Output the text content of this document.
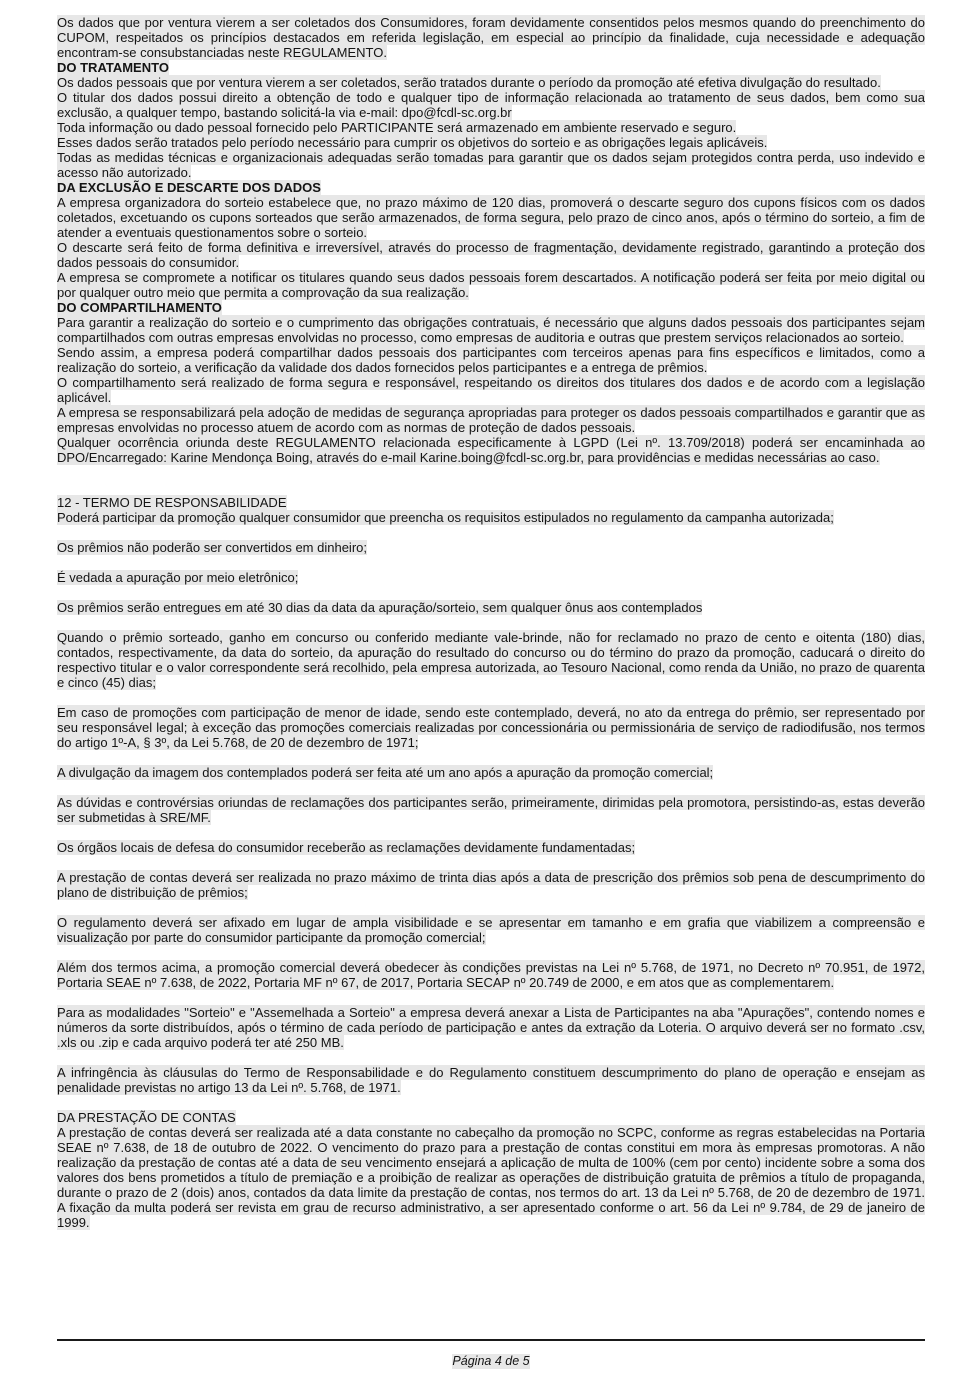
Os dados que por ventura vierem a ser coletados dos Consumidores, foram devidamente consentidos pelos mesmos quando do preenchimento do CUPOM, respeitados os princípios destacados em referida legislação, em especial ao princípio da finalidade, cuja necessidade e adequação encontram-se consubstanciadas neste REGULAMENTO.

DO TRATAMENTO

Os dados pessoais que por ventura vierem a ser coletados, serão tratados durante o período da promoção até efetiva divulgação do resultado.

O titular dos dados possui direito a obtenção de todo e qualquer tipo de informação relacionada ao tratamento de seus dados, bem como sua exclusão, a qualquer tempo, bastando solicitá-la via e-mail: dpo@fcdl-sc.org.br

Toda informação ou dado pessoal fornecido pelo PARTICIPANTE será armazenado em ambiente reservado e seguro.

Esses dados serão tratados pelo período necessário para cumprir os objetivos do sorteio e as obrigações legais aplicáveis.

Todas as medidas técnicas e organizacionais adequadas serão tomadas para garantir que os dados sejam protegidos contra perda, uso indevido e acesso não autorizado.

DA EXCLUSÃO E DESCARTE DOS DADOS

A empresa organizadora do sorteio estabelece que, no prazo máximo de 120 dias, promoverá o descarte seguro dos cupons físicos com os dados coletados, excetuando os cupons sorteados que serão armazenados, de forma segura, pelo prazo de cinco anos, após o término do sorteio, a fim de atender a eventuais questionamentos sobre o sorteio.

O descarte será feito de forma definitiva e irreversível, através do processo de fragmentação, devidamente registrado, garantindo a proteção dos dados pessoais do consumidor.

A empresa se compromete a notificar os titulares quando seus dados pessoais forem descartados. A notificação poderá ser feita por meio digital ou por qualquer outro meio que permita a comprovação da sua realização.

DO COMPARTILHAMENTO

Para garantir a realização do sorteio e o cumprimento das obrigações contratuais, é necessário que alguns dados pessoais dos participantes sejam compartilhados com outras empresas envolvidas no processo, como empresas de auditoria e outras que prestem serviços relacionados ao sorteio.

Sendo assim, a empresa poderá compartilhar dados pessoais dos participantes com terceiros apenas para fins específicos e limitados, como a realização do sorteio, a verificação da validade dos dados fornecidos pelos participantes e a entrega de prêmios.

O compartilhamento será realizado de forma segura e responsável, respeitando os direitos dos titulares dos dados e de acordo com a legislação aplicável.

A empresa se responsabilizará pela adoção de medidas de segurança apropriadas para proteger os dados pessoais compartilhados e garantir que as empresas envolvidas no processo atuem de acordo com as normas de proteção de dados pessoais.

Qualquer ocorrência oriunda deste REGULAMENTO relacionada especificamente à LGPD (Lei nº. 13.709/2018) poderá ser encaminhada ao DPO/Encarregado: Karine Mendonça Boing, através do e-mail Karine.boing@fcdl-sc.org.br, para providências e medidas necessárias ao caso.

12 - TERMO DE RESPONSABILIDADE

Poderá participar da promoção qualquer consumidor que preencha os requisitos estipulados no regulamento da campanha autorizada;

Os prêmios não poderão ser convertidos em dinheiro;

É vedada a apuração por meio eletrônico;

Os prêmios serão entregues em até 30 dias da data da apuração/sorteio, sem qualquer ônus aos contemplados

Quando o prêmio sorteado, ganho em concurso ou conferido mediante vale-brinde, não for reclamado no prazo de cento e oitenta (180) dias, contados, respectivamente, da data do sorteio, da apuração do resultado do concurso ou do término do prazo da promoção, caducará o direito do respectivo titular e o valor correspondente será recolhido, pela empresa autorizada, ao Tesouro Nacional, como renda da União, no prazo de quarenta e cinco (45) dias;

Em caso de promoções com participação de menor de idade, sendo este contemplado, deverá, no ato da entrega do prêmio, ser representado por seu responsável legal; à exceção das promoções comerciais realizadas por concessionária ou permissionária de serviço de radiodifusão, nos termos do artigo 1º-A, § 3º, da Lei 5.768, de 20 de dezembro de 1971;

A divulgação da imagem dos contemplados poderá ser feita até um ano após a apuração da promoção comercial;

As dúvidas e controvérsias oriundas de reclamações dos participantes serão, primeiramente, dirimidas pela promotora, persistindo-as, estas deverão ser submetidas à SRE/MF.

Os órgãos locais de defesa do consumidor receberão as reclamações devidamente fundamentadas;

A prestação de contas deverá ser realizada no prazo máximo de trinta dias após a data de prescrição dos prêmios sob pena de descumprimento do plano de distribuição de prêmios;

O regulamento deverá ser afixado em lugar de ampla visibilidade e se apresentar em tamanho e em grafia que viabilizem a compreensão e visualização por parte do consumidor participante da promoção comercial;

Além dos termos acima, a promoção comercial deverá obedecer às condições previstas na Lei nº 5.768, de 1971, no Decreto nº 70.951, de 1972, Portaria SEAE nº 7.638, de 2022, Portaria MF nº 67, de 2017, Portaria SECAP nº 20.749 de 2000, e em atos que as complementarem.

Para as modalidades "Sorteio" e "Assemelhada a Sorteio" a empresa deverá anexar a Lista de Participantes na aba "Apurações", contendo nomes e números da sorte distribuídos, após o término de cada período de participação e antes da extração da Loteria. O arquivo deverá ser no formato .csv, .xls ou .zip e cada arquivo poderá ter até 250 MB.

A infringência às cláusulas do Termo de Responsabilidade e do Regulamento constituem descumprimento do plano de operação e ensejam as penalidade previstas no artigo 13 da Lei nº. 5.768, de 1971.

DA PRESTAÇÃO DE CONTAS

A prestação de contas deverá ser realizada até a data constante no cabeçalho da promoção no SCPC, conforme as regras estabelecidas na Portaria SEAE nº 7.638, de 18 de outubro de 2022. O vencimento do prazo para a prestação de contas constitui em mora às empresas promotoras. A não realização da prestação de contas até a data de seu vencimento ensejará a aplicação de multa de 100% (cem por cento) incidente sobre a soma dos valores dos bens prometidos a título de premiação e a proibição de realizar as operações de distribuição gratuita de prêmios a título de propaganda, durante o prazo de 2 (dois) anos, contados da data limite da prestação de contas, nos termos do art. 13 da Lei nº 5.768, de 20 de dezembro de 1971. A fixação da multa poderá ser revista em grau de recurso administrativo, a ser apresentado conforme o art. 56 da Lei nº 9.784, de 29 de janeiro de 1999.

Página 4 de 5
